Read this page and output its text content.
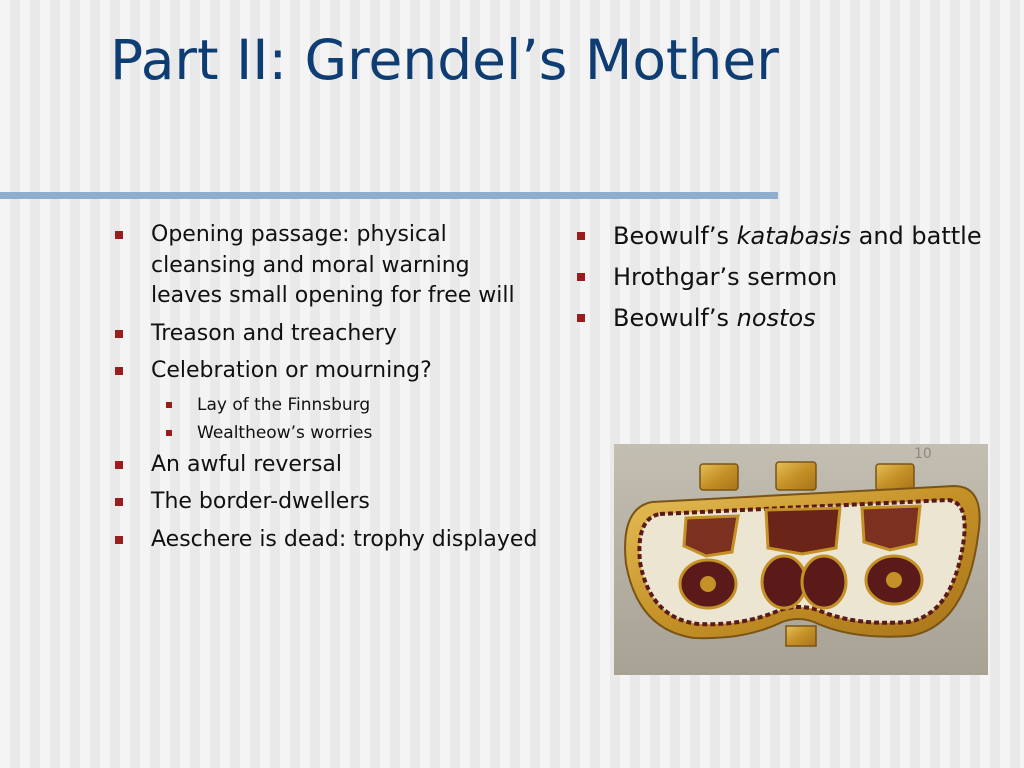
Part II: Grendel’s Mother
Opening passage: physical cleansing and moral warning leaves small opening for free will
Treason and treachery
Celebration or mourning?
Lay of the Finnsburg
Wealtheow’s worries
An awful reversal
The border-dwellers
Aeschere is dead: trophy displayed
Beowulf’s katabasis and battle
Hrothgar’s sermon
Beowulf’s nostos
10
